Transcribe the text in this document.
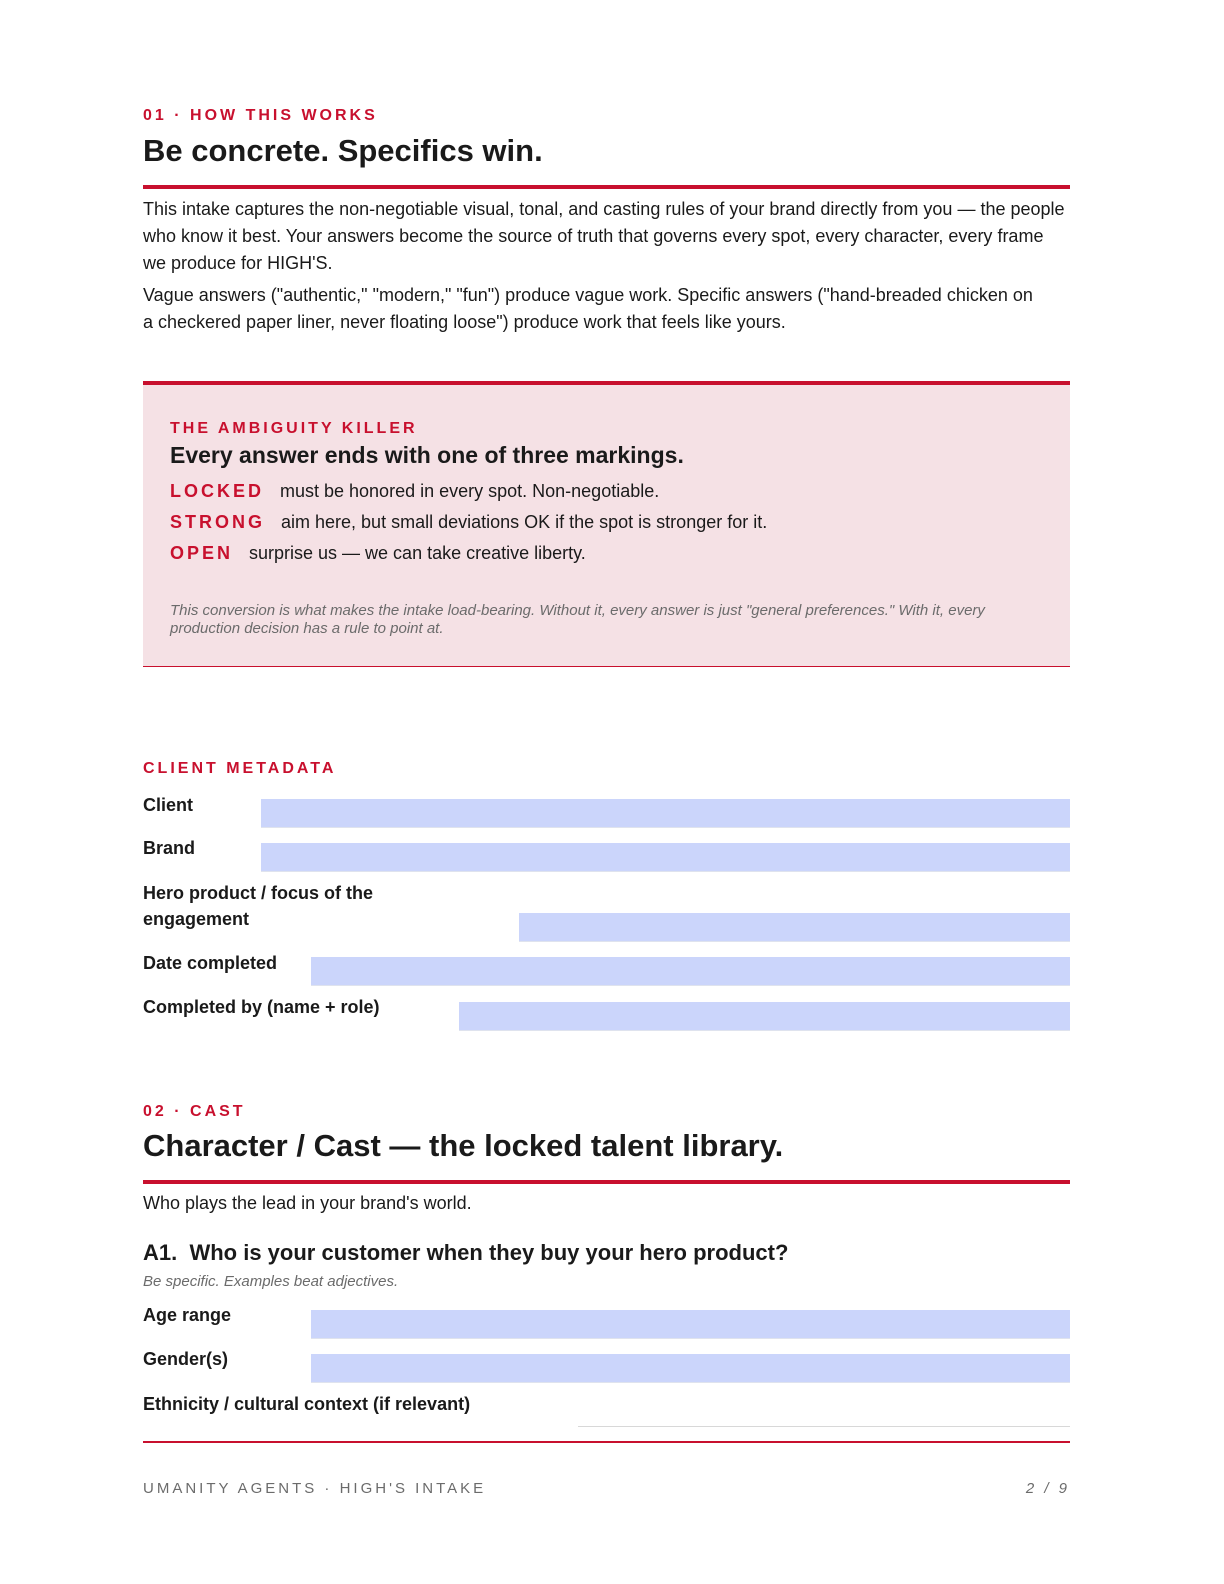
01 · HOW THIS WORKS
Be concrete. Specifics win.
This intake captures the non-negotiable visual, tonal, and casting rules of your brand directly from you — the people who know it best. Your answers become the source of truth that governs every spot, every character, every frame we produce for HIGH'S.
Vague answers ("authentic," "modern," "fun") produce vague work. Specific answers ("hand-breaded chicken on a checkered paper liner, never floating loose") produce work that feels like yours.
THE AMBIGUITY KILLER
Every answer ends with one of three markings.
LOCKED must be honored in every spot. Non-negotiable.
STRONG aim here, but small deviations OK if the spot is stronger for it.
OPEN surprise us — we can take creative liberty.
This conversion is what makes the intake load-bearing. Without it, every answer is just "general preferences." With it, every production decision has a rule to point at.
CLIENT METADATA
Client
Brand
Hero product / focus of the engagement
Date completed
Completed by (name + role)
02 · CAST
Character / Cast — the locked talent library.
Who plays the lead in your brand's world.
A1.  Who is your customer when they buy your hero product?
Be specific. Examples beat adjectives.
Age range
Gender(s)
Ethnicity / cultural context (if relevant)
UMANITY AGENTS · HIGH'S INTAKE	2 / 9
